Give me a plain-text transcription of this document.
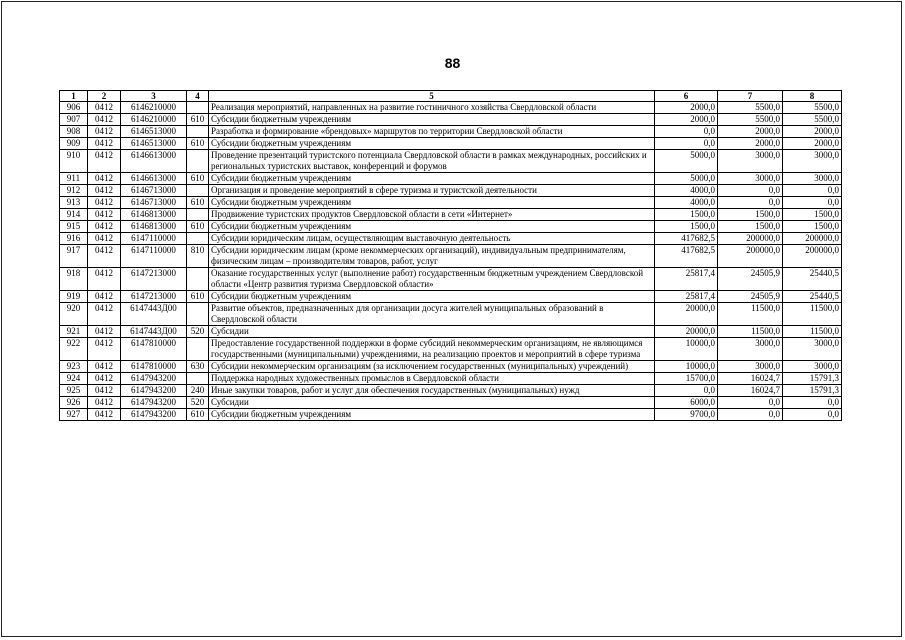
88
1	2	3	4	5	6	7	8
906	0412	6146210000		Реализация мероприятий, направленных на развитие гостиничного хозяйства Свердловской области	2000,0	5500,0	5500,0
907	0412	6146210000	610	Субсидии бюджетным учреждениям	2000,0	5500,0	5500,0
908	0412	6146513000		Разработка и формирование «брендовых» маршрутов по территории Свердловской области	0,0	2000,0	2000,0
909	0412	6146513000	610	Субсидии бюджетным учреждениям	0,0	2000,0	2000,0
910	0412	6146613000		Проведение презентаций туристского потенциала Свердловской области в рамках международных, российских и региональных туристских выставок, конференций и форумов	5000,0	3000,0	3000,0
911	0412	6146613000	610	Субсидии бюджетным учреждениям	5000,0	3000,0	3000,0
912	0412	6146713000		Организация и проведение мероприятий в сфере туризма и туристской деятельности	4000,0	0,0	0,0
913	0412	6146713000	610	Субсидии бюджетным учреждениям	4000,0	0,0	0,0
914	0412	6146813000		Продвижение туристских продуктов Свердловской области в сети «Интернет»	1500,0	1500,0	1500,0
915	0412	6146813000	610	Субсидии бюджетным учреждениям	1500,0	1500,0	1500,0
916	0412	6147110000		Субсидии юридическим лицам, осуществляющим выставочную деятельность	417682,5	200000,0	200000,0
917	0412	6147110000	810	Субсидии юридическим лицам (кроме некоммерческих организаций), индивидуальным предпринимателям, физическим лицам – производителям товаров, работ, услуг	417682,5	200000,0	200000,0
918	0412	6147213000		Оказание государственных услуг (выполнение работ) государственным бюджетным учреждением Свердловской области «Центр развития туризма Свердловской области»	25817,4	24505,9	25440,5
919	0412	6147213000	610	Субсидии бюджетным учреждениям	25817,4	24505,9	25440,5
920	0412	6147443Д00		Развитие объектов, предназначенных для организации досуга жителей муниципальных образований в Свердловской области	20000,0	11500,0	11500,0
921	0412	6147443Д00	520	Субсидии	20000,0	11500,0	11500,0
922	0412	6147810000		Предоставление государственной поддержки в форме субсидий некоммерческим организациям, не являющимся государственными (муниципальными) учреждениями, на реализацию проектов и мероприятий в сфере туризма	10000,0	3000,0	3000,0
923	0412	6147810000	630	Субсидии некоммерческим организациям (за исключением государственных (муниципальных) учреждений)	10000,0	3000,0	3000,0
924	0412	6147943200		Поддержка народных художественных промыслов в Свердловской области	15700,0	16024,7	15791,3
925	0412	6147943200	240	Иные закупки товаров, работ и услуг для обеспечения государственных (муниципальных) нужд	0,0	16024,7	15791,3
926	0412	6147943200	520	Субсидии	6000,0	0,0	0,0
927	0412	6147943200	610	Субсидии бюджетным учреждениям	9700,0	0,0	0,0
